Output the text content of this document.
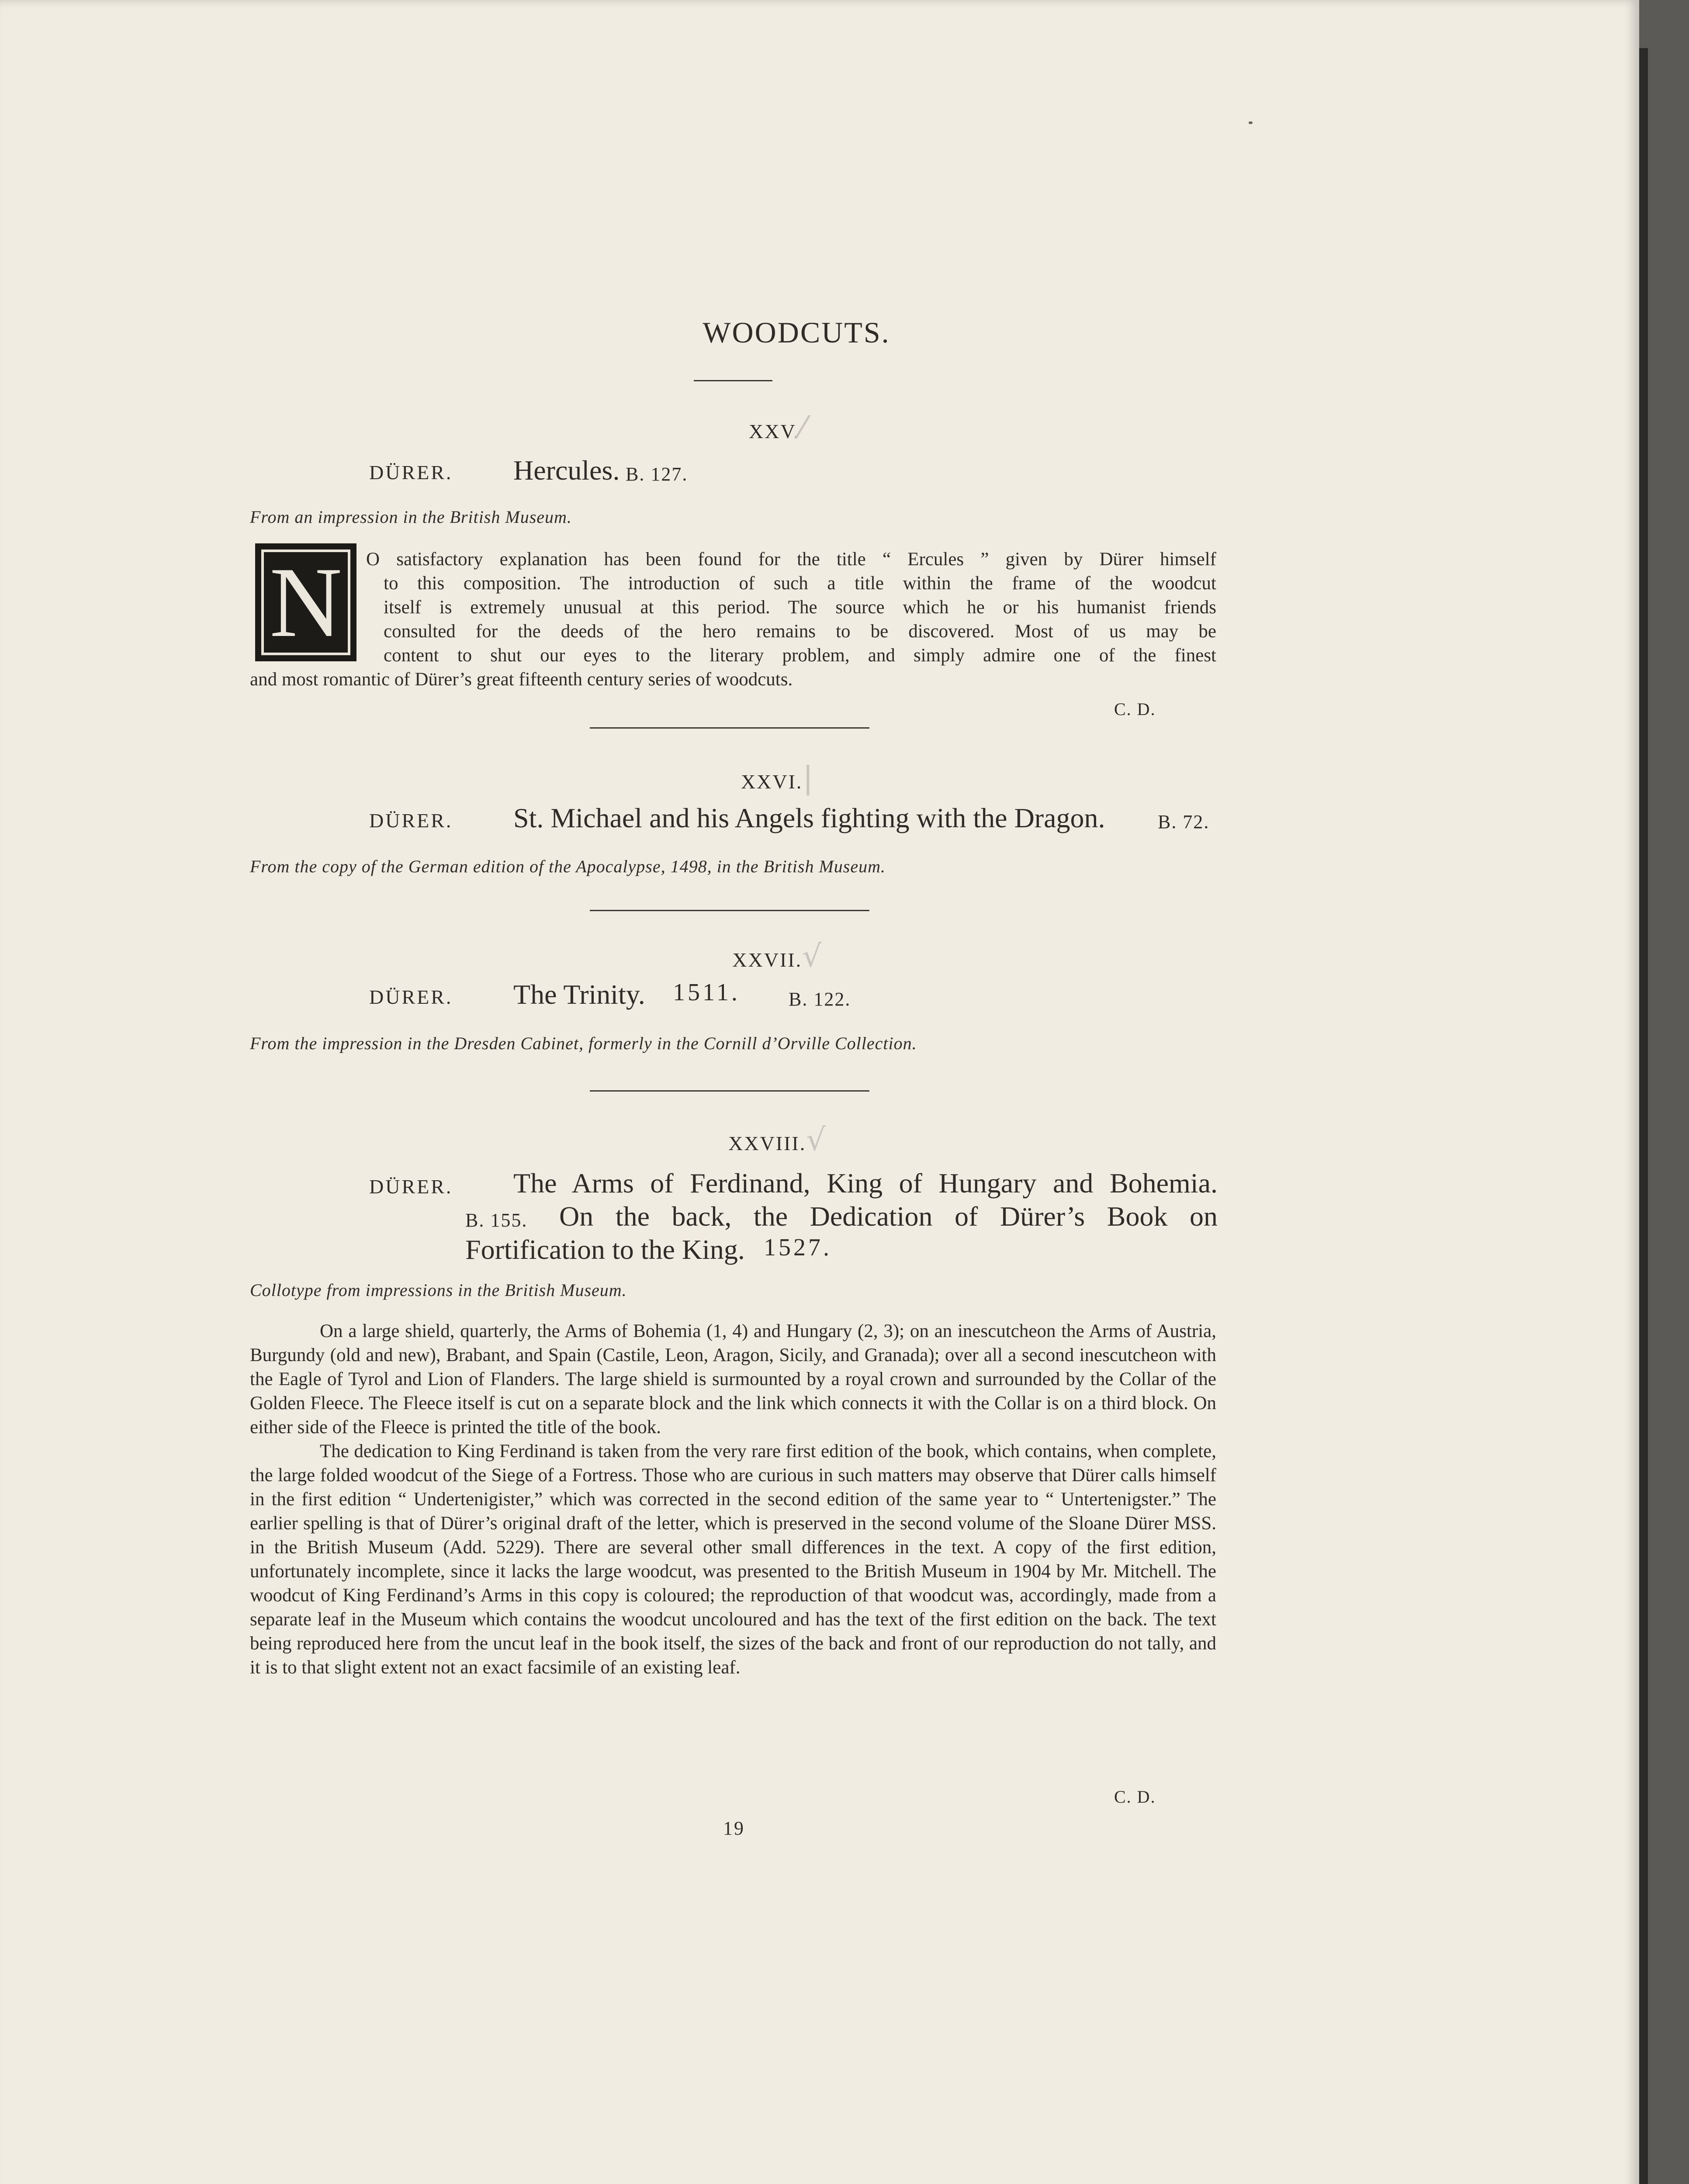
WOODCUTS.
XXV.⁄
DÜRER. Hercules. B. 127.
From an impression in the British Museum.
N	O satisfactory explanation has been found for the title “ Ercules ” given by Dürer himself
to this composition. The introduction of such a title within the frame of the woodcut
itself is extremely unusual at this period. The source which he or his humanist friends
consulted for the deeds of the hero remains to be discovered. Most of us may be
content to shut our eyes to the literary problem, and simply admire one of the finest
and most romantic of Dürer’s great fifteenth century series of woodcuts.
C. D.
XXVI.|
DÜRER. St. Michael and his Angels fighting with the Dragon.	B. 72.
From the copy of the German edition of the Apocalypse, 1498, in the British Museum.
XXVII.√
DÜRER. The Trinity. 1511.	B. 122.
From the impression in the Dresden Cabinet, formerly in the Cornill d’Orville Collection.
XXVIII.√
DÜRER. The Arms of Ferdinand, King of Hungary and Bohemia.
B. 155. On the back, the Dedication of Dürer’s Book on
Fortification to the King. 1527.
Collotype from impressions in the British Museum.

On a large shield, quarterly, the Arms of Bohemia (1, 4) and Hungary (2, 3); on an inescutcheon the Arms of Austria, Burgundy (old and new), Brabant, and Spain (Castile, Leon, Aragon, Sicily, and Granada); over all a second inescutcheon with the Eagle of Tyrol and Lion of Flanders. The large shield is surmounted by a royal crown and surrounded by the Collar of the Golden Fleece. The Fleece itself is cut on a separate block and the link which connects it with the Collar is on a third block. On either side of the Fleece is printed the title of the book.

The dedication to King Ferdinand is taken from the very rare first edition of the book, which contains, when complete, the large folded woodcut of the Siege of a Fortress. Those who are curious in such matters may observe that Dürer calls himself in the first edition “ Undertenigister,” which was corrected in the second edition of the same year to “ Untertenigster.” The earlier spelling is that of Dürer’s original draft of the letter, which is preserved in the second volume of the Sloane Dürer MSS. in the British Museum (Add. 5229). There are several other small differences in the text. A copy of the first edition, unfortunately incomplete, since it lacks the large woodcut, was presented to the British Museum in 1904 by Mr. Mitchell. The woodcut of King Ferdinand’s Arms in this copy is coloured; the reproduction of that woodcut was, accordingly, made from a separate leaf in the Museum which contains the woodcut uncoloured and has the text of the first edition on the back. The text being reproduced here from the uncut leaf in the book itself, the sizes of the back and front of our reproduction do not tally, and it is to that slight extent not an exact facsimile of an existing leaf.

C. D.
19
